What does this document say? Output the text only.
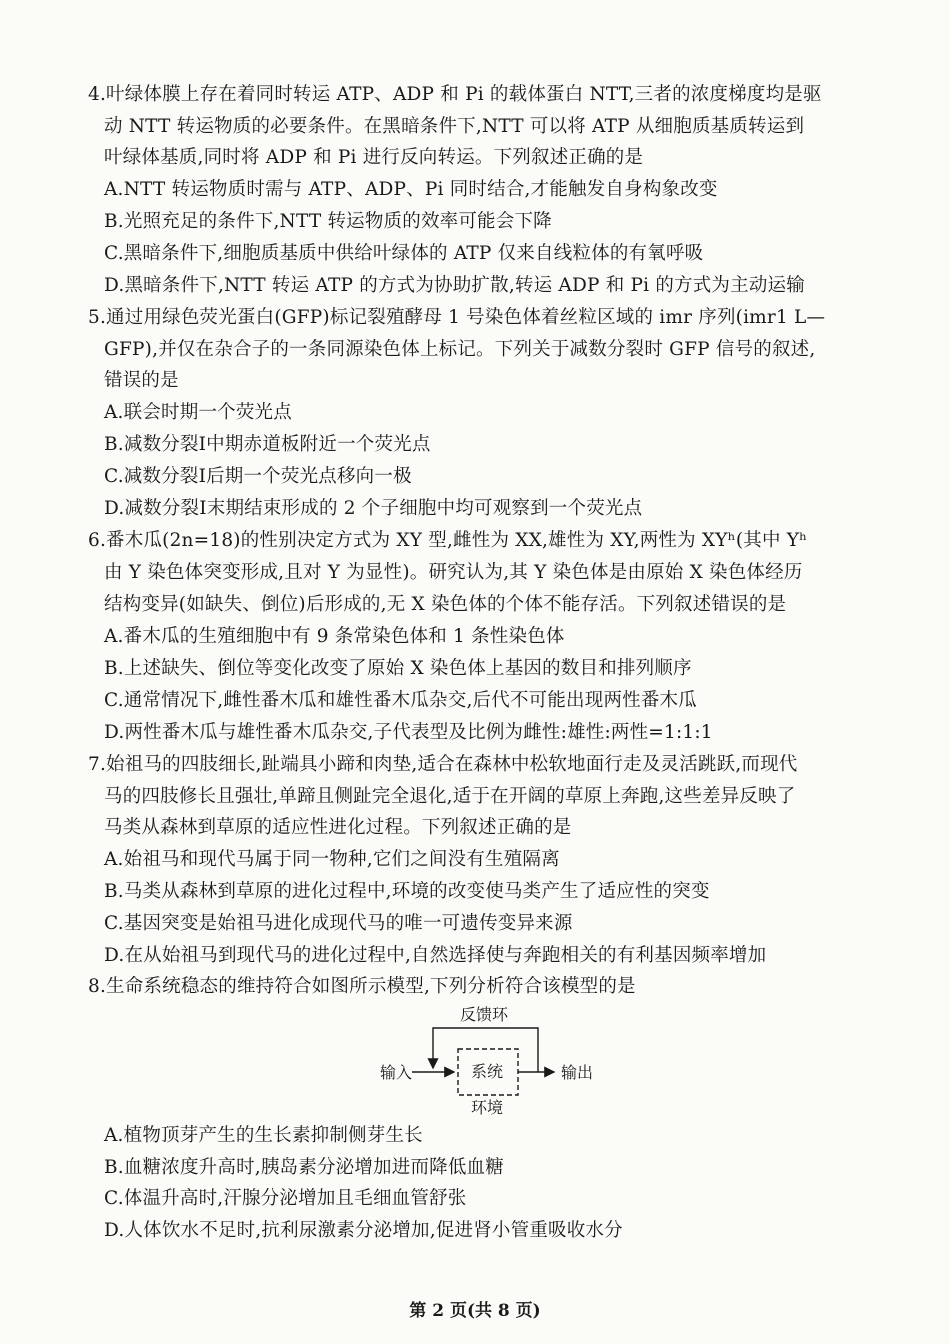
4.叶绿体膜上存在着同时转运 ATP、ADP 和 Pi 的载体蛋白 NTT,三者的浓度梯度均是驱
动 NTT 转运物质的必要条件。在黑暗条件下,NTT 可以将 ATP 从细胞质基质转运到
叶绿体基质,同时将 ADP 和 Pi 进行反向转运。下列叙述正确的是
A.NTT 转运物质时需与 ATP、ADP、Pi 同时结合,才能触发自身构象改变
B.光照充足的条件下,NTT 转运物质的效率可能会下降
C.黑暗条件下,细胞质基质中供给叶绿体的 ATP 仅来自线粒体的有氧呼吸
D.黑暗条件下,NTT 转运 ATP 的方式为协助扩散,转运 ADP 和 Pi 的方式为主动运输
5.通过用绿色荧光蛋白(GFP)标记裂殖酵母 1 号染色体着丝粒区域的 imr 序列(imr1 L—
GFP),并仅在杂合子的一条同源染色体上标记。下列关于减数分裂时 GFP 信号的叙述,
错误的是
A.联会时期一个荧光点
B.减数分裂Ⅰ中期赤道板附近一个荧光点
C.减数分裂Ⅰ后期一个荧光点移向一极
D.减数分裂Ⅰ末期结束形成的 2 个子细胞中均可观察到一个荧光点
6.番木瓜(2n=18)的性别决定方式为 XY 型,雌性为 XX,雄性为 XY,两性为 XYʰ(其中 Yʰ
由 Y 染色体突变形成,且对 Y 为显性)。研究认为,其 Y 染色体是由原始 X 染色体经历
结构变异(如缺失、倒位)后形成的,无 X 染色体的个体不能存活。下列叙述错误的是
A.番木瓜的生殖细胞中有 9 条常染色体和 1 条性染色体
B.上述缺失、倒位等变化改变了原始 X 染色体上基因的数目和排列顺序
C.通常情况下,雌性番木瓜和雄性番木瓜杂交,后代不可能出现两性番木瓜
D.两性番木瓜与雄性番木瓜杂交,子代表型及比例为雌性:雄性:两性=1:1:1
7.始祖马的四肢细长,趾端具小蹄和肉垫,适合在森林中松软地面行走及灵活跳跃,而现代
马的四肢修长且强壮,单蹄且侧趾完全退化,适于在开阔的草原上奔跑,这些差异反映了
马类从森林到草原的适应性进化过程。下列叙述正确的是
A.始祖马和现代马属于同一物种,它们之间没有生殖隔离
B.马类从森林到草原的进化过程中,环境的改变使马类产生了适应性的突变
C.基因突变是始祖马进化成现代马的唯一可遗传变异来源
D.在从始祖马到现代马的进化过程中,自然选择使与奔跑相关的有利基因频率增加
8.生命系统稳态的维持符合如图所示模型,下列分析符合该模型的是
反馈环
输入	系统	输出
环境
A.植物顶芽产生的生长素抑制侧芽生长
B.血糖浓度升高时,胰岛素分泌增加进而降低血糖
C.体温升高时,汗腺分泌增加且毛细血管舒张
D.人体饮水不足时,抗利尿激素分泌增加,促进肾小管重吸收水分
第 2 页(共 8 页)
